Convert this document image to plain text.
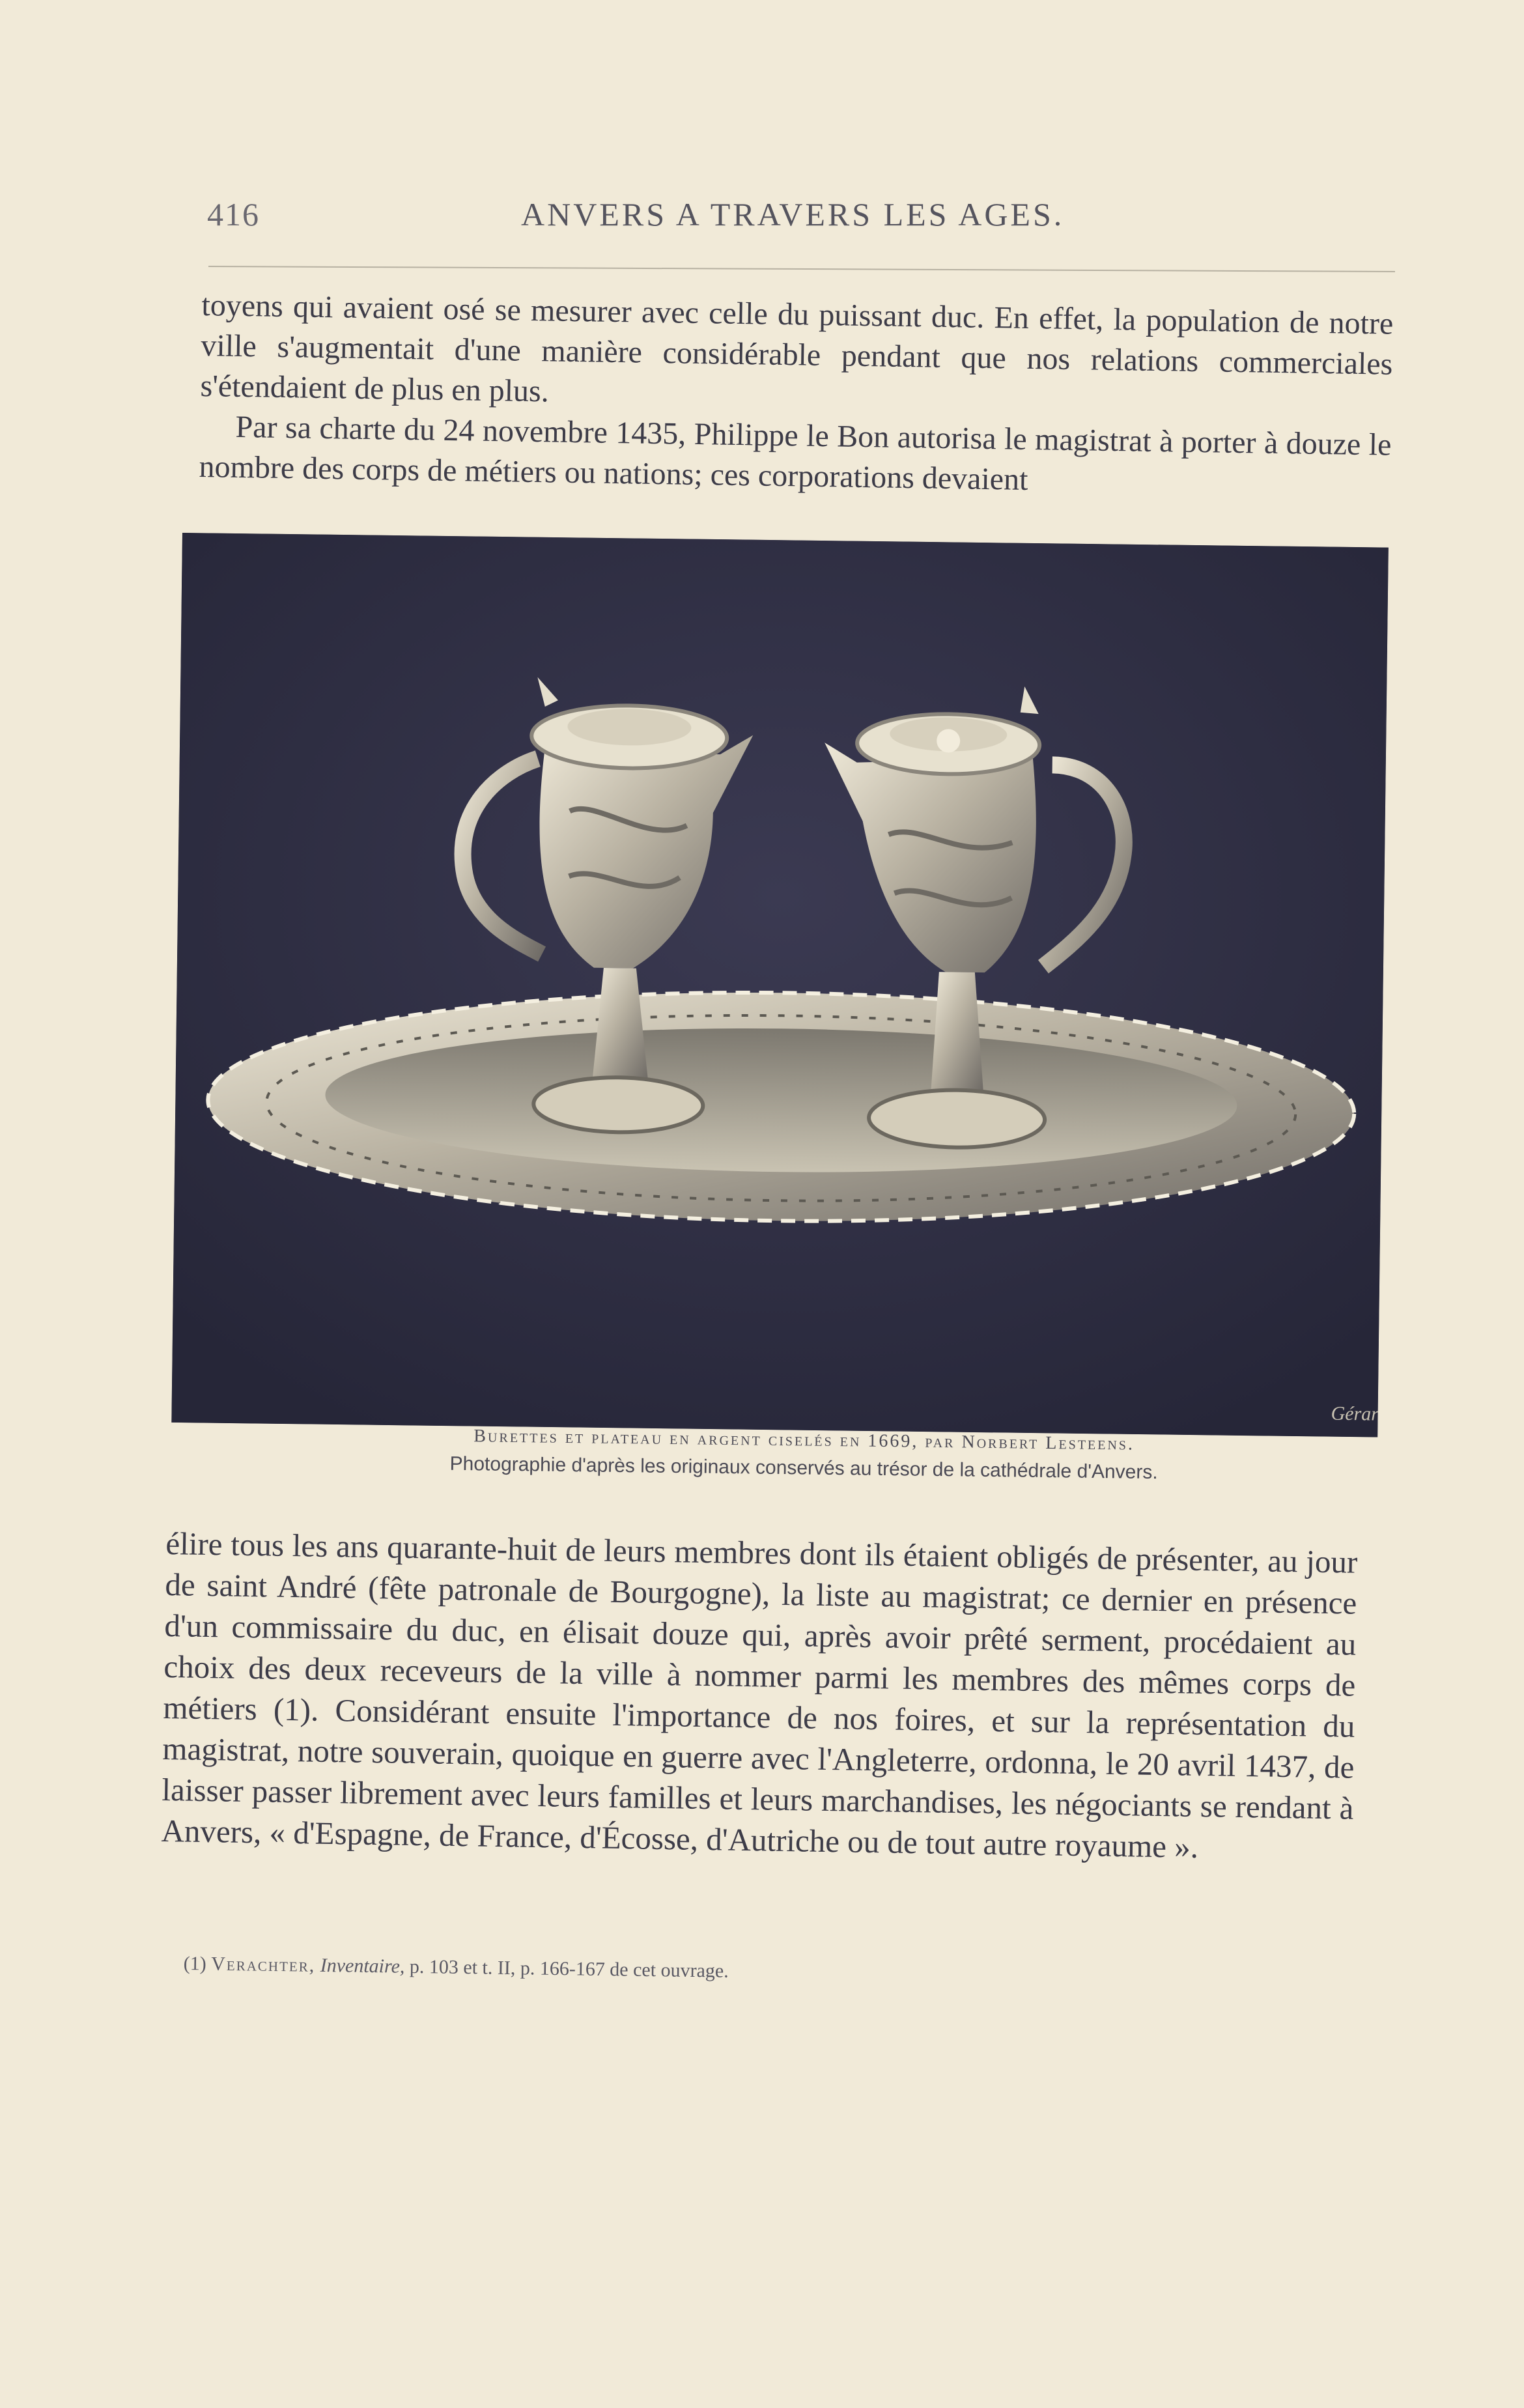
416	ANVERS A TRAVERS LES AGES.

toyens qui avaient osé se mesurer avec celle du puissant duc. En effet, la population de notre ville s'augmentait d'une manière considérable pendant que nos relations commerciales s'étendaient de plus en plus.

Par sa charte du 24 novembre 1435, Philippe le Bon autorisa le magistrat à porter à douze le nombre des corps de métiers ou nations; ces corporations devaient

Gérard
Burettes et plateau en argent ciselés en 1669, par Norbert Lesteens.
Photographie d'après les originaux conservés au trésor de la cathédrale d'Anvers.

élire tous les ans quarante-huit de leurs membres dont ils étaient obligés de présenter, au jour de saint André (fête patronale de Bourgogne), la liste au magistrat; ce dernier en présence d'un commissaire du duc, en élisait douze qui, après avoir prêté serment, procédaient au choix des deux receveurs de la ville à nommer parmi les membres des mêmes corps de métiers (1). Considérant ensuite l'importance de nos foires, et sur la représentation du magistrat, notre souverain, quoique en guerre avec l'Angleterre, ordonna, le 20 avril 1437, de laisser passer librement avec leurs familles et leurs marchandises, les négociants se rendant à Anvers, « d'Espagne, de France, d'Écosse, d'Autriche ou de tout autre royaume ».

(1) Verachter, Inventaire, p. 103 et t. II, p. 166-167 de cet ouvrage.
